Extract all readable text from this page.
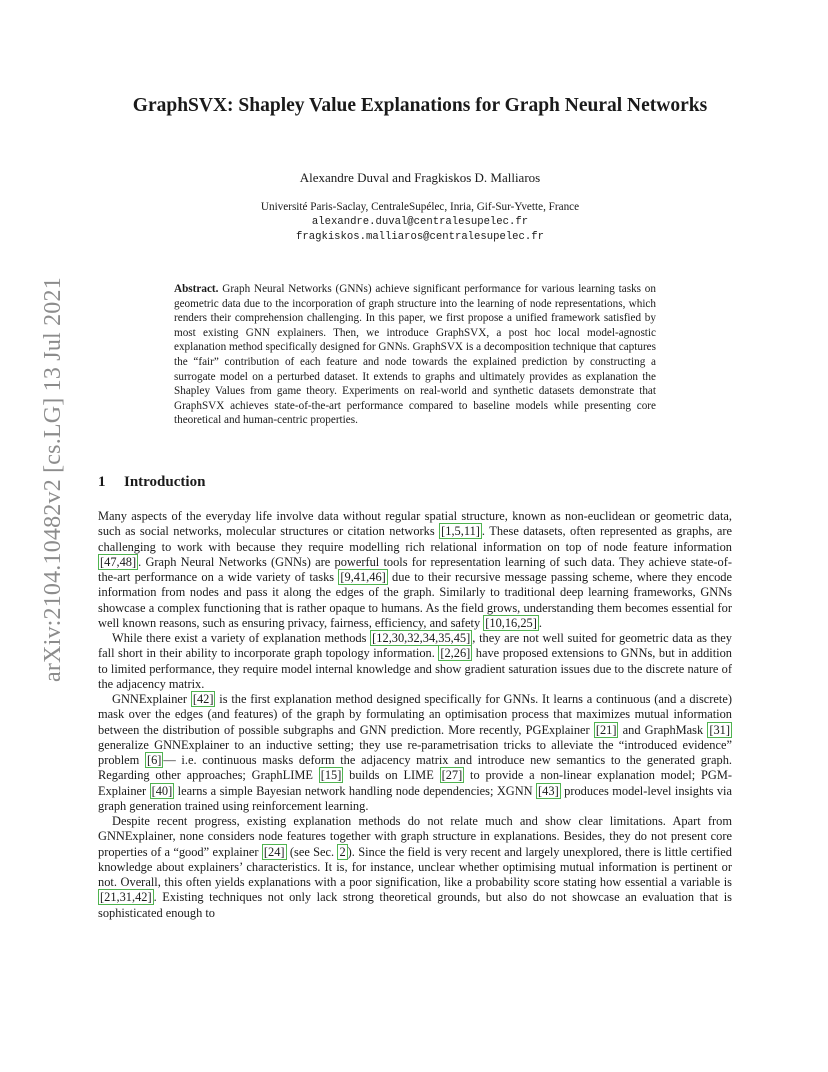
arXiv:2104.10482v2 [cs.LG] 13 Jul 2021
GraphSVX: Shapley Value Explanations for Graph Neural Networks
Alexandre Duval and Fragkiskos D. Malliaros
Université Paris-Saclay, CentraleSupélec, Inria, Gif-Sur-Yvette, France
alexandre.duval@centralesupelec.fr
fragkiskos.malliaros@centralesupelec.fr
Abstract. Graph Neural Networks (GNNs) achieve significant performance for various learning tasks on geometric data due to the incorporation of graph structure into the learning of node representations, which renders their comprehension challenging. In this paper, we first propose a unified framework satisfied by most existing GNN explainers. Then, we introduce GraphSVX, a post hoc local model-agnostic explanation method specifically designed for GNNs. GraphSVX is a decomposition technique that captures the “fair” contribution of each feature and node towards the explained prediction by constructing a surrogate model on a perturbed dataset. It extends to graphs and ultimately provides as explanation the Shapley Values from game theory. Experiments on real-world and synthetic datasets demonstrate that GraphSVX achieves state-of-the-art performance compared to baseline models while presenting core theoretical and human-centric properties.
1 Introduction

Many aspects of the everyday life involve data without regular spatial structure, known as non-euclidean or geometric data, such as social networks, molecular structures or citation networks [1,5,11] . These datasets, often represented as graphs, are challenging to work with because they require modelling rich relational information on top of node feature information [47,48] . Graph Neural Networks (GNNs) are powerful tools for representation learning of such data. They achieve state-of-the-art performance on a wide variety of tasks [9,41,46] due to their recursive message passing scheme, where they encode information from nodes and pass it along the edges of the graph. Similarly to traditional deep learning frameworks, GNNs showcase a complex functioning that is rather opaque to humans. As the field grows, understanding them becomes essential for well known reasons, such as ensuring privacy, fairness, efficiency, and safety [10,16,25] .

While there exist a variety of explanation methods [12,30,32,34,35,45] , they are not well suited for geometric data as they fall short in their ability to incorporate graph topology information. [2,26] have proposed extensions to GNNs, but in addition to limited performance, they require model internal knowledge and show gradient saturation issues due to the discrete nature of the adjacency matrix.

GNNExplainer [42] is the first explanation method designed specifically for GNNs. It learns a continuous (and a discrete) mask over the edges (and features) of the graph by formulating an optimisation process that maximizes mutual information between the distribution of possible subgraphs and GNN prediction. More recently, PGExplainer [21] and GraphMask [31] generalize GNNExplainer to an inductive setting; they use re-parametrisation tricks to alleviate the “introduced evidence” problem [6] — i.e. continuous masks deform the adjacency matrix and introduce new semantics to the generated graph. Regarding other approaches; GraphLIME [15] builds on LIME [27] to provide a non-linear explanation model; PGM-Explainer [40] learns a simple Bayesian network handling node dependencies; XGNN [43] produces model-level insights via graph generation trained using reinforcement learning.

Despite recent progress, existing explanation methods do not relate much and show clear limitations. Apart from GNNExplainer, none considers node features together with graph structure in explanations. Besides, they do not present core properties of a “good” explainer [24] (see Sec. 2 ). Since the field is very recent and largely unexplored, there is little certified knowledge about explainers’ characteristics. It is, for instance, unclear whether optimising mutual information is pertinent or not. Overall, this often yields explanations with a poor signification, like a probability score stating how essential a variable is [21,31,42] . Existing techniques not only lack strong theoretical grounds, but also do not showcase an evaluation that is sophisticated enough to
